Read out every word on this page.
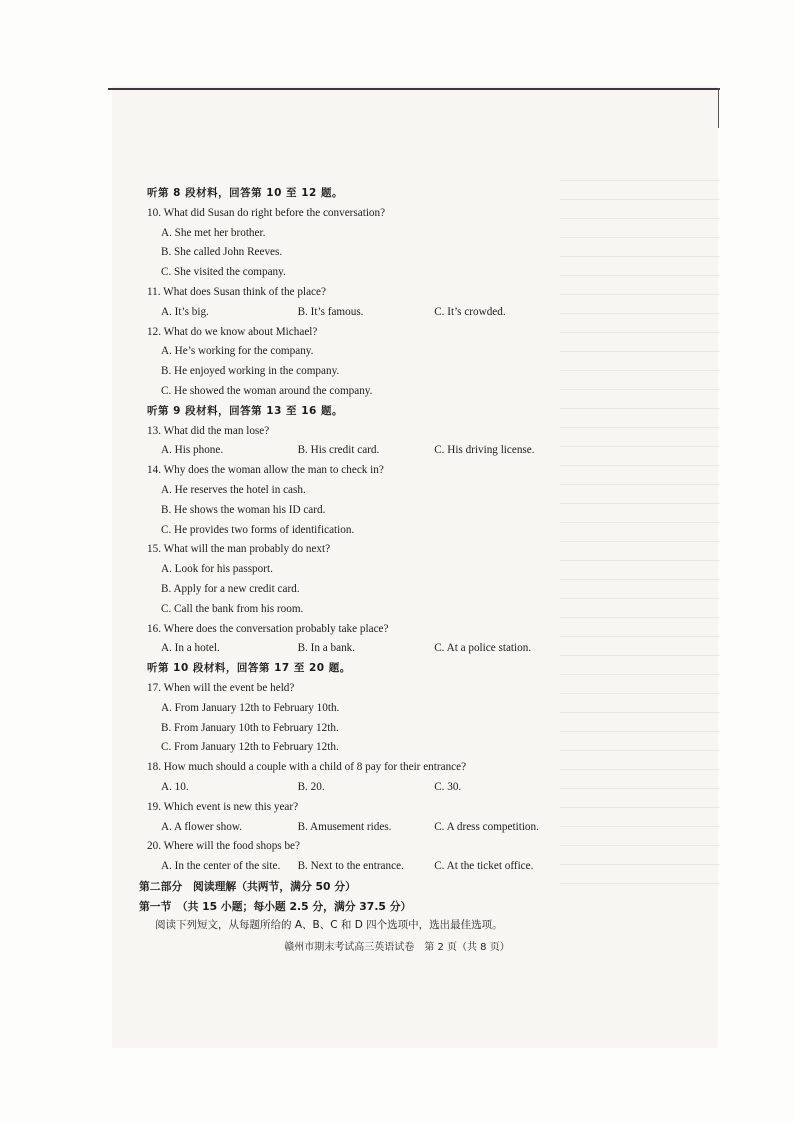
听第 8 段材料，回答第 10 至 12 题。
10. What did Susan do right before the conversation?
A. She met her brother.
B. She called John Reeves.
C. She visited the company.
11. What does Susan think of the place?
A. It’s big.	B. It’s famous.	C. It’s crowded.
12. What do we know about Michael?
A. He’s working for the company.
B. He enjoyed working in the company.
C. He showed the woman around the company.
听第 9 段材料，回答第 13 至 16 题。
13. What did the man lose?
A. His phone.	B. His credit card.	C. His driving license.
14. Why does the woman allow the man to check in?
A. He reserves the hotel in cash.
B. He shows the woman his ID card.
C. He provides two forms of identification.
15. What will the man probably do next?
A. Look for his passport.
B. Apply for a new credit card.
C. Call the bank from his room.
16. Where does the conversation probably take place?
A. In a hotel.	B. In a bank.	C. At a police station.
听第 10 段材料，回答第 17 至 20 题。
17. When will the event be held?
A. From January 12th to February 10th.
B. From January 10th to February 12th.
C. From January 12th to February 12th.
18. How much should a couple with a child of 8 pay for their entrance?
A. 10.	B. 20.	C. 30.
19. Which event is new this year?
A. A flower show.	B. Amusement rides.	C. A dress competition.
20. Where will the food shops be?
A. In the center of the site.	B. Next to the entrance.	C. At the ticket office.
第二部分　阅读理解（共两节，满分 50 分）
第一节　（共 15 小题；每小题 2.5 分，满分 37.5 分）
阅读下列短文，从每题所给的 A、B、C 和 D 四个选项中，选出最佳选项。
赣州市期末考试高三英语试卷　第 2 页（共 8 页）
